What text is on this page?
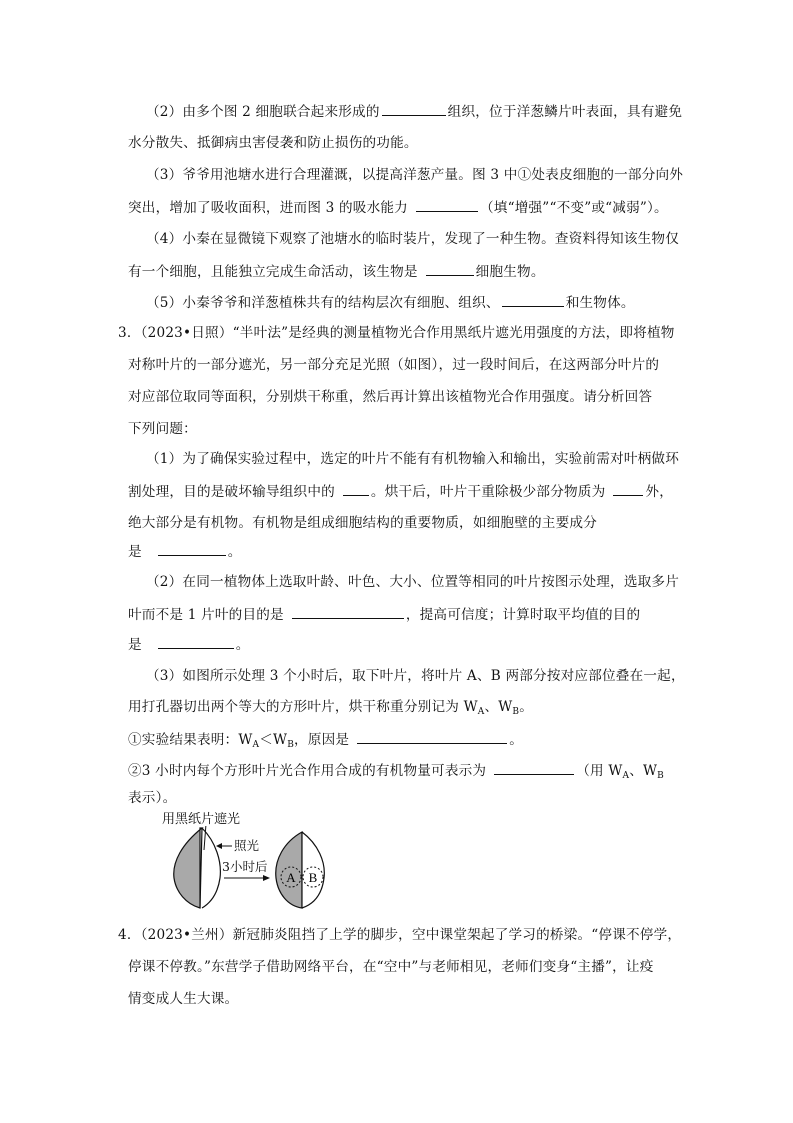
（2）由多个图 2 细胞联合起来形成的	组织，位于洋葱鳞片叶表面，具有避免
水分散失、抵御病虫害侵袭和防止损伤的功能。
（3）爷爷用池塘水进行合理灌溉，以提高洋葱产量。图 3 中①处表皮细胞的一部分向外
突出，增加了吸收面积，进而图 3 的吸水能力	（填“增强”“不变”或“减弱”）。
（4）小秦在显微镜下观察了池塘水的临时装片，发现了一种生物。查资料得知该生物仅
有一个细胞，且能独立完成生命活动，该生物是	细胞生物。
（5）小秦爷爷和洋葱植株共有的结构层次有细胞、组织、	和生物体。
3．（2023•日照）“半叶法”是经典的测量植物光合作用黑纸片遮光用强度的方法，即将植物
对称叶片的一部分遮光，另一部分充足光照（如图），过一段时间后，在这两部分叶片的
对应部位取同等面积，分别烘干称重，然后再计算出该植物光合作用强度。请分析回答
下列问题：
（1）为了确保实验过程中，选定的叶片不能有有机物输入和输出，实验前需对叶柄做环
割处理，目的是破坏输导组织中的	。烘干后，叶片干重除极少部分物质为	外，
绝大部分是有机物。有机物是组成细胞结构的重要物质，如细胞壁的主要成分
是	。
（2）在同一植物体上选取叶龄、叶色、大小、位置等相同的叶片按图示处理，选取多片
叶而不是 1 片叶的目的是	，提高可信度；计算时取平均值的目的
是	。
（3）如图所示处理 3 个小时后，取下叶片，将叶片 A、B 两部分按对应部位叠在一起，
用打孔器切出两个等大的方形叶片，烘干称重分别记为 $W_A$、$W_B$。
①实验结果表明：$W_A<W_B$，原因是	。
②3 小时内每个方形叶片光合作用合成的有机物量可表示为	（用 $W_A$、$W_B$
表示）。
用黑纸片遮光
A B
照光
3小时后
4．（2023•兰州）新冠肺炎阻挡了上学的脚步，空中课堂架起了学习的桥梁。“停课不停学，
停课不停教。”东营学子借助网络平台，在“空中”与老师相见，老师们变身“主播”，让疫
情变成人生大课。
